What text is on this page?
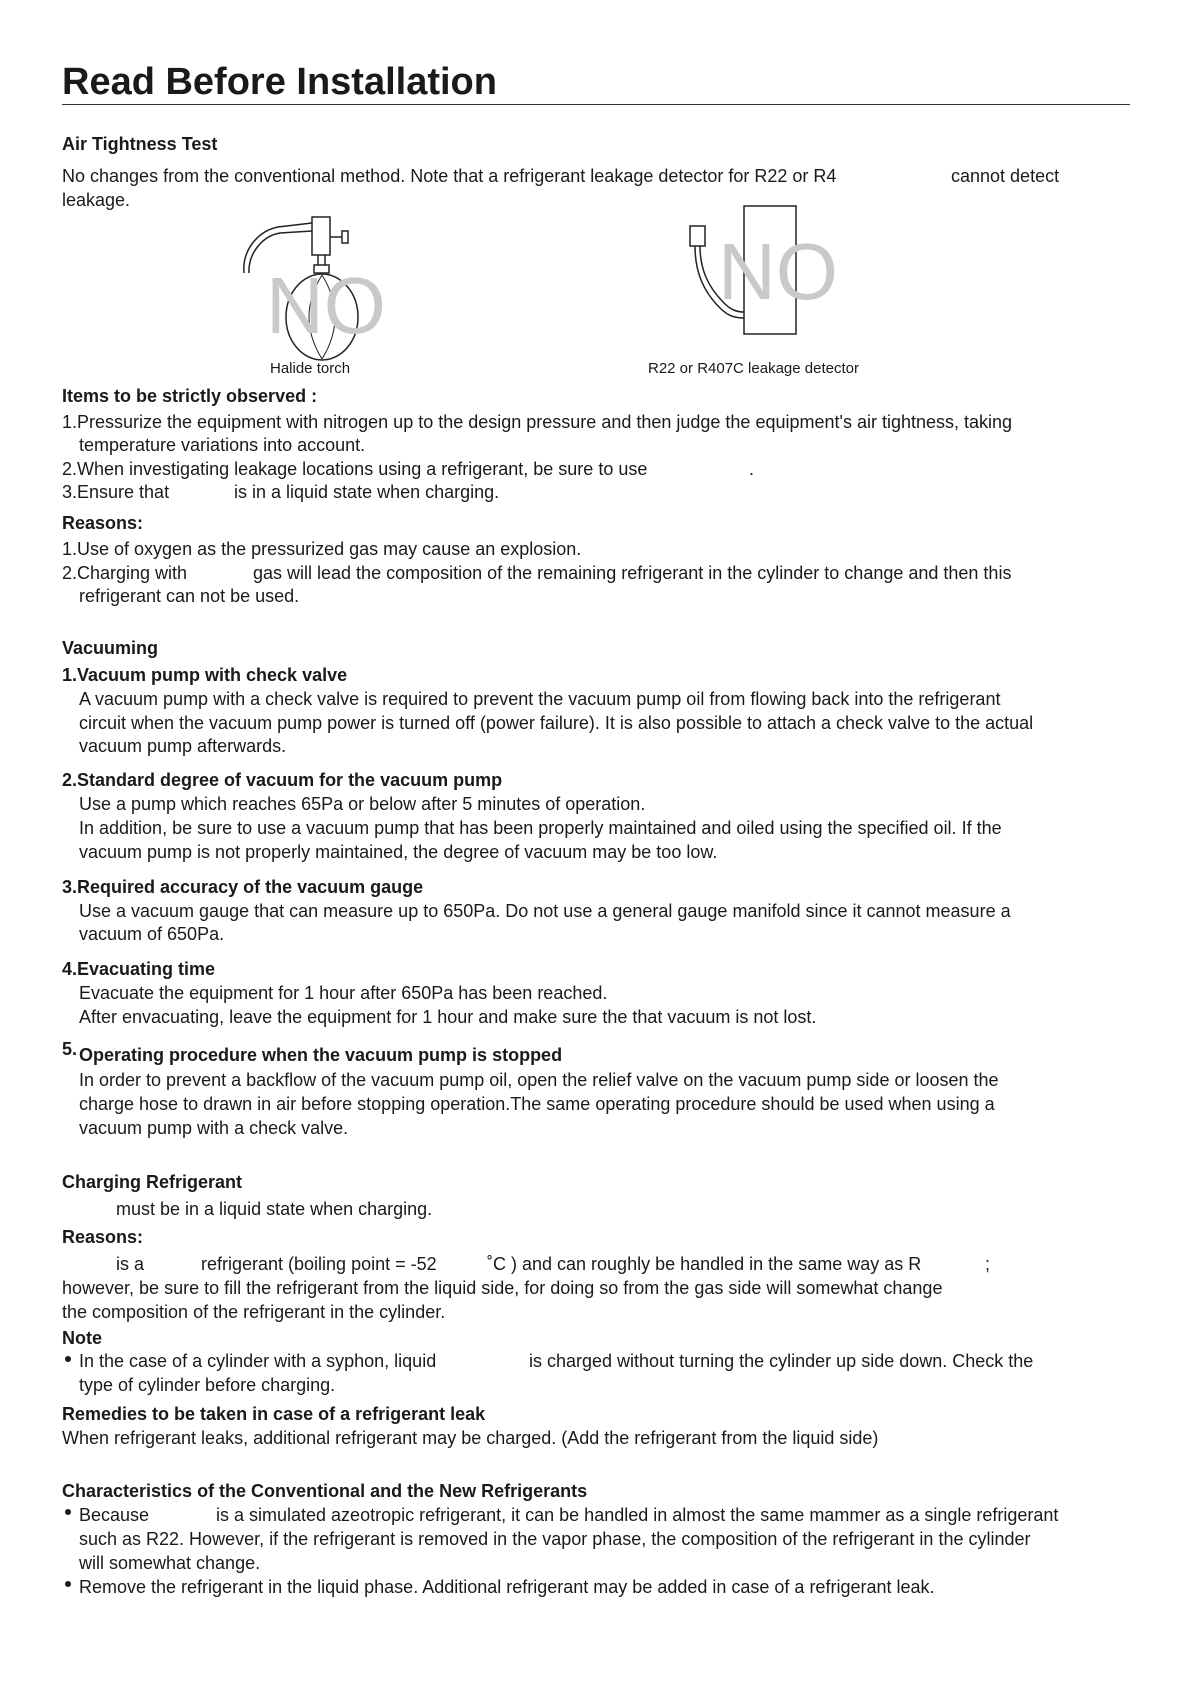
Read Before Installation
Air Tightness Test
No changes from the conventional method. Note that a refrigerant leakage detector for R22 or R4	cannot detect
leakage.
NO
Halide torch
NO
R22 or R407C leakage detector
Items to be strictly observed :
1.Pressurize the equipment with nitrogen up to the design pressure and then judge the equipment's air tightness, taking
temperature variations into account.
2.When investigating leakage locations using a refrigerant, be sure to use	.
3.Ensure that	is in a liquid state when charging.
Reasons:
1.Use of oxygen as the pressurized gas may cause an explosion.
2.Charging with	gas will lead the composition of the remaining refrigerant in the cylinder to change and then this
refrigerant can not be used.
Vacuuming
1.Vacuum pump with check valve
A vacuum pump with a check valve is required to prevent the vacuum pump oil from flowing back into the refrigerant
circuit when the vacuum pump power is turned off (power failure). It is also possible to attach a check valve to the actual
vacuum pump afterwards.
2.Standard degree of vacuum for the vacuum pump
Use a pump which reaches 65Pa or below after 5 minutes of operation.
In addition, be sure to use a vacuum pump that has been properly maintained and oiled using the specified oil. If the
vacuum pump is not properly maintained, the degree of vacuum may be too low.
3.Required accuracy of the vacuum gauge
Use a vacuum gauge that can measure up to 650Pa. Do not use a general gauge manifold since it cannot measure a
vacuum of 650Pa.
4.Evacuating time
Evacuate the equipment for 1 hour after 650Pa has been reached.
After envacuating, leave the equipment for 1 hour and make sure the that vacuum is not lost.
5. Operating procedure when the vacuum pump is stopped
In order to prevent a backflow of the vacuum pump oil, open the relief valve on the vacuum pump side or loosen the
charge hose to drawn in air before stopping operation.The same operating procedure should be used when using a
vacuum pump with a check valve.
Charging Refrigerant
must be in a liquid state when charging.
Reasons:
is a	refrigerant (boiling point = -52	˚C ) and can roughly be handled in the same way as R	;
however, be sure to fill the refrigerant from the liquid side, for doing so from the gas side will somewhat change
the composition of the refrigerant in the cylinder.
Note
In the case of a cylinder with a syphon, liquid	is charged without turning the cylinder up side down. Check the
type of cylinder before charging.
Remedies to be taken in case of a refrigerant leak
When refrigerant leaks, additional refrigerant may be charged. (Add the refrigerant from the liquid side)
Characteristics of the Conventional and the New Refrigerants
Because	is a simulated azeotropic refrigerant, it can be handled in almost the same mammer as a single refrigerant
such as R22. However, if the refrigerant is removed in the vapor phase, the composition of the refrigerant in the cylinder
will somewhat change.
Remove the refrigerant in the liquid phase. Additional refrigerant may be added in case of a refrigerant leak.
